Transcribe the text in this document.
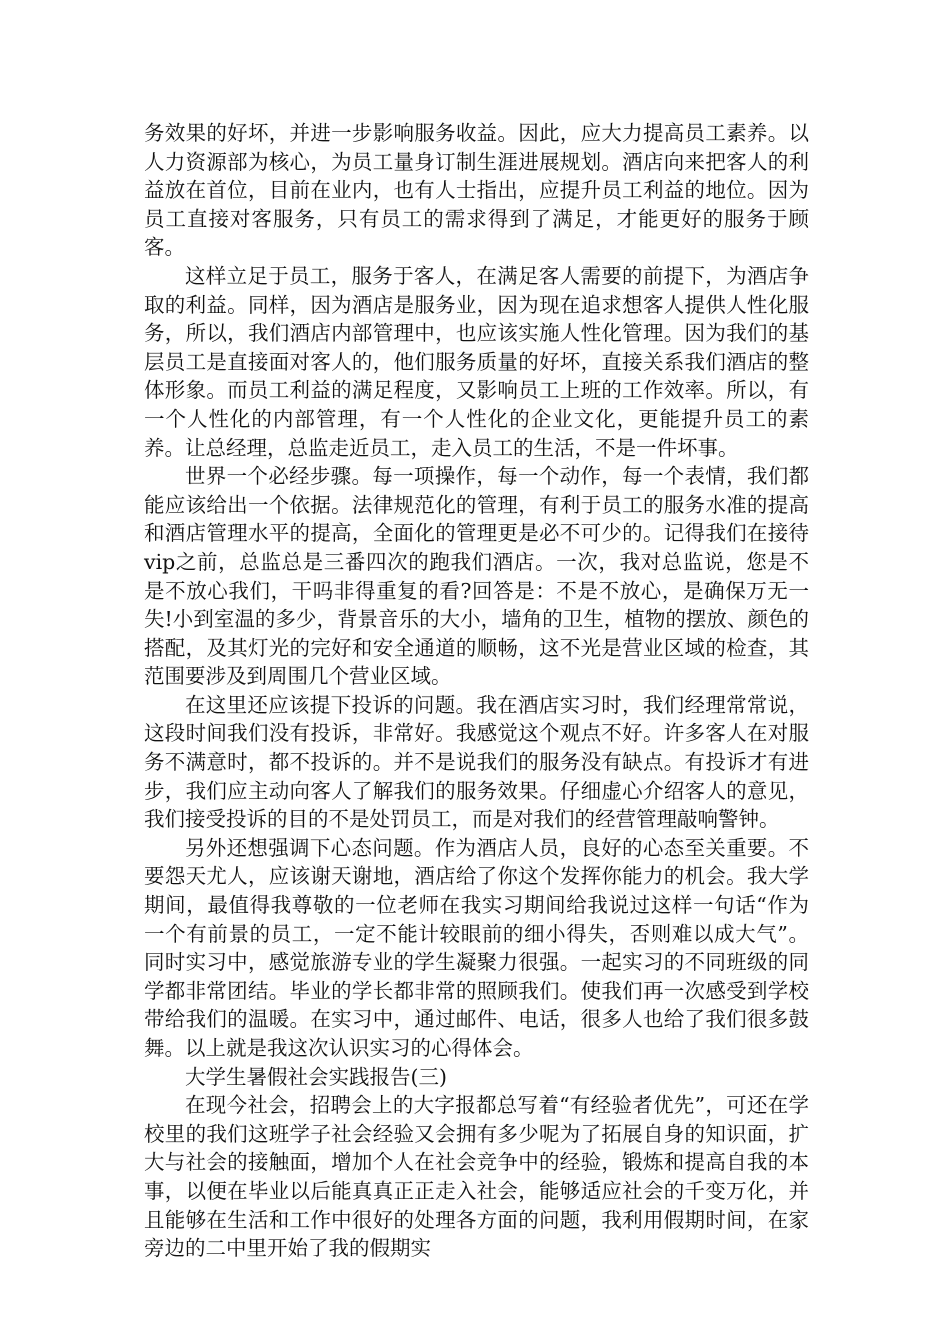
务效果的好坏，并进一步影响服务收益。因此，应大力提高员工素养。以人力资源部为核心，为员工量身订制生涯进展规划。酒店向来把客人的利益放在首位，目前在业内，也有人士指出，应提升员工利益的地位。因为员工直接对客服务，只有员工的需求得到了满足，才能更好的服务于顾客。

这样立足于员工，服务于客人，在满足客人需要的前提下，为酒店争取的利益。同样，因为酒店是服务业，因为现在追求想客人提供人性化服务，所以，我们酒店内部管理中，也应该实施人性化管理。因为我们的基层员工是直接面对客人的，他们服务质量的好坏，直接关系我们酒店的整体形象。而员工利益的满足程度，又影响员工上班的工作效率。所以，有一个人性化的内部管理，有一个人性化的企业文化，更能提升员工的素养。让总经理，总监走近员工，走入员工的生活，不是一件坏事。

世界一个必经步骤。每一项操作，每一个动作，每一个表情，我们都能应该给出一个依据。法律规范化的管理，有利于员工的服务水准的提高和酒店管理水平的提高，全面化的管理更是必不可少的。记得我们在接待vip之前，总监总是三番四次的跑我们酒店。一次，我对总监说，您是不是不放心我们，干吗非得重复的看?回答是：不是不放心，是确保万无一失!小到室温的多少，背景音乐的大小，墙角的卫生，植物的摆放、颜色的搭配，及其灯光的完好和安全通道的顺畅，这不光是营业区域的检查，其范围要涉及到周围几个营业区域。

在这里还应该提下投诉的问题。我在酒店实习时，我们经理常常说，这段时间我们没有投诉，非常好。我感觉这个观点不好。许多客人在对服务不满意时，都不投诉的。并不是说我们的服务没有缺点。有投诉才有进步，我们应主动向客人了解我们的服务效果。仔细虚心介绍客人的意见，我们接受投诉的目的不是处罚员工，而是对我们的经营管理敲响警钟。

另外还想强调下心态问题。作为酒店人员，良好的心态至关重要。不要怨天尤人，应该谢天谢地，酒店给了你这个发挥你能力的机会。我大学期间，最值得我尊敬的一位老师在我实习期间给我说过这样一句话“作为一个有前景的员工，一定不能计较眼前的细小得失，否则难以成大气”。同时实习中，感觉旅游专业的学生凝聚力很强。一起实习的不同班级的同学都非常团结。毕业的学长都非常的照顾我们。使我们再一次感受到学校带给我们的温暖。在实习中，通过邮件、电话，很多人也给了我们很多鼓舞。以上就是我这次认识实习的心得体会。

大学生暑假社会实践报告(三)

在现今社会，招聘会上的大字报都总写着“有经验者优先”，可还在学校里的我们这班学子社会经验又会拥有多少呢为了拓展自身的知识面，扩大与社会的接触面，增加个人在社会竞争中的经验，锻炼和提高自我的本事，以便在毕业以后能真真正正走入社会，能够适应社会的千变万化，并且能够在生活和工作中很好的处理各方面的问题，我利用假期时间，在家旁边的二中里开始了我的假期实
